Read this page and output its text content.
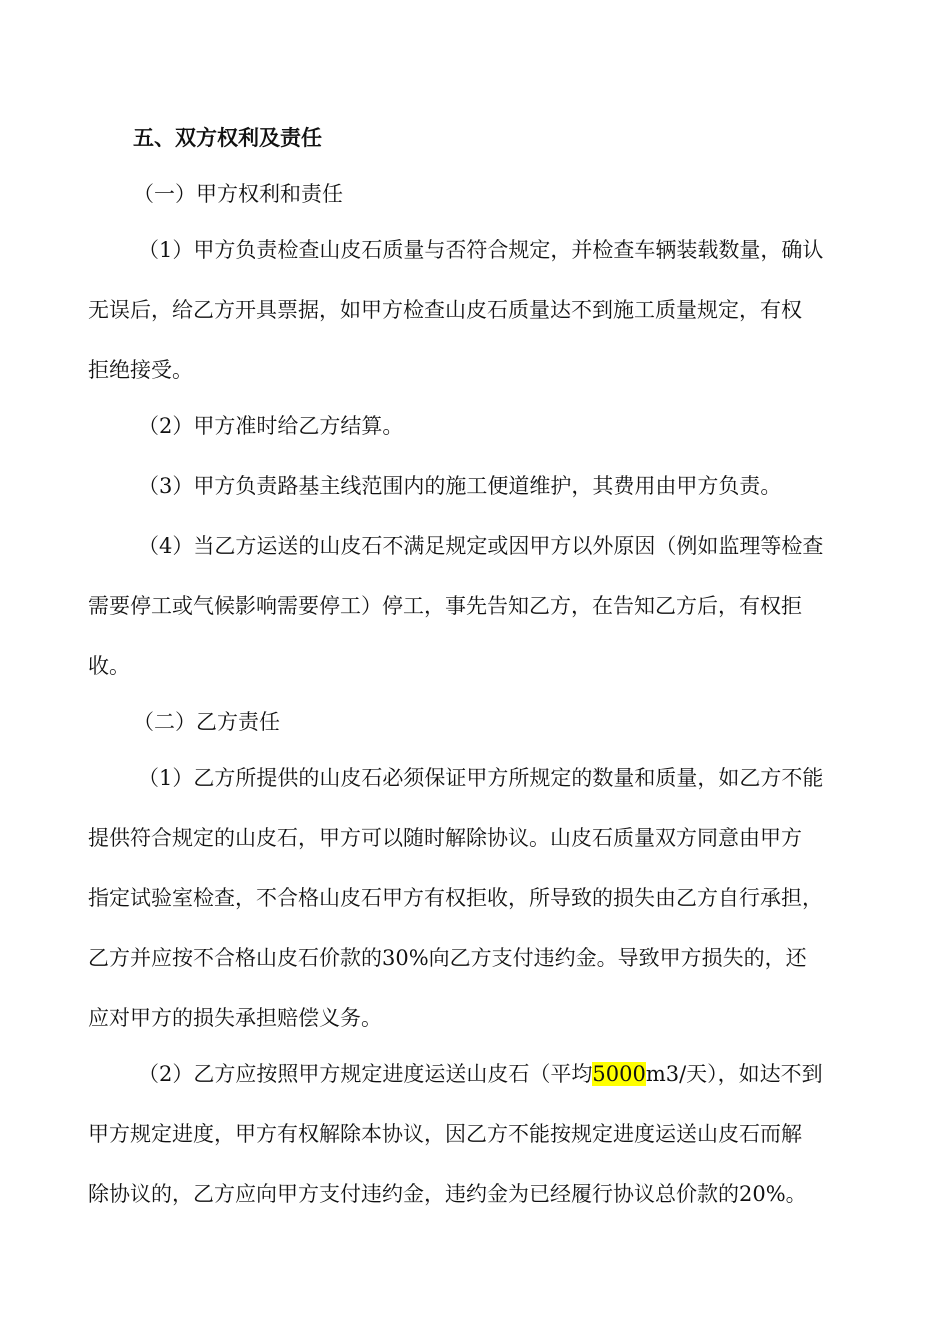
五、双方权利及责任
（一）甲方权利和责任
（1）甲方负责检查山皮石质量与否符合规定，并检查车辆装载数量，确认
无误后，给乙方开具票据，如甲方检查山皮石质量达不到施工质量规定，有权
拒绝接受。
（2）甲方准时给乙方结算。
（3）甲方负责路基主线范围内的施工便道维护，其费用由甲方负责。
（4）当乙方运送的山皮石不满足规定或因甲方以外原因（例如监理等检查
需要停工或气候影响需要停工）停工，事先告知乙方，在告知乙方后，有权拒
收。
（二）乙方责任
（1）乙方所提供的山皮石必须保证甲方所规定的数量和质量，如乙方不能
提供符合规定的山皮石，甲方可以随时解除协议。山皮石质量双方同意由甲方
指定试验室检查，不合格山皮石甲方有权拒收，所导致的损失由乙方自行承担，
乙方并应按不合格山皮石价款的30%向乙方支付违约金。导致甲方损失的，还
应对甲方的损失承担赔偿义务。
（2）乙方应按照甲方规定进度运送山皮石（平均5000m3/天），如达不到
甲方规定进度，甲方有权解除本协议，因乙方不能按规定进度运送山皮石而解
除协议的，乙方应向甲方支付违约金，违约金为已经履行协议总价款的20%。
